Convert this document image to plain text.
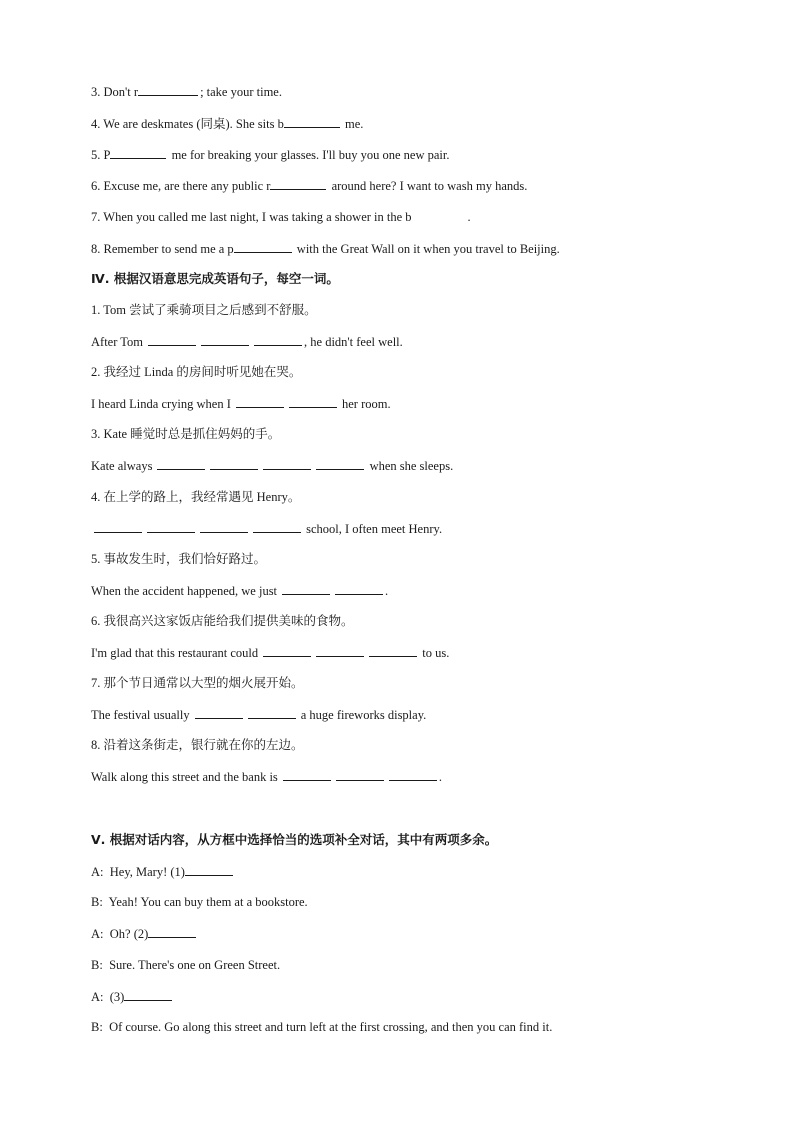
3. Don't r	; take your time.
4. We are deskmates (同桌). She sits b	me.
5. P	me for breaking your glasses. I'll buy you one new pair.
6. Excuse me, are there any public r	around here? I want to wash my hands.
7. When you called me last night, I was taking a shower in the b	.
8. Remember to send me a p	with the Great Wall on it when you travel to Beijing.
Ⅳ. 根据汉语意思完成英语句子，每空一词。
1. Tom 尝试了乘骑项目之后感到不舒服。
After Tom	, he didn't feel well.
2. 我经过 Linda 的房间时听见她在哭。
I heard Linda crying when I	her room.
3. Kate 睡觉时总是抓住妈妈的手。
Kate always	when she sleeps.
4. 在上学的路上，我经常遇见 Henry。
school, I often meet Henry.
5. 事故发生时，我们恰好路过。
When the accident happened, we just	.
6. 我很高兴这家饭店能给我们提供美味的食物。
I'm glad that this restaurant could	to us.
7. 那个节日通常以大型的烟火展开始。
The festival usually	a huge fireworks display.
8. 沿着这条街走，银行就在你的左边。
Walk along this street and the bank is	.
Ⅴ. 根据对话内容，从方框中选择恰当的选项补全对话，其中有两项多余。
A: Hey, Mary! (1)
B: Yeah! You can buy them at a bookstore.
A: Oh? (2)
B: Sure. There's one on Green Street.
A: (3)
B: Of course. Go along this street and turn left at the first crossing, and then you can find it.
